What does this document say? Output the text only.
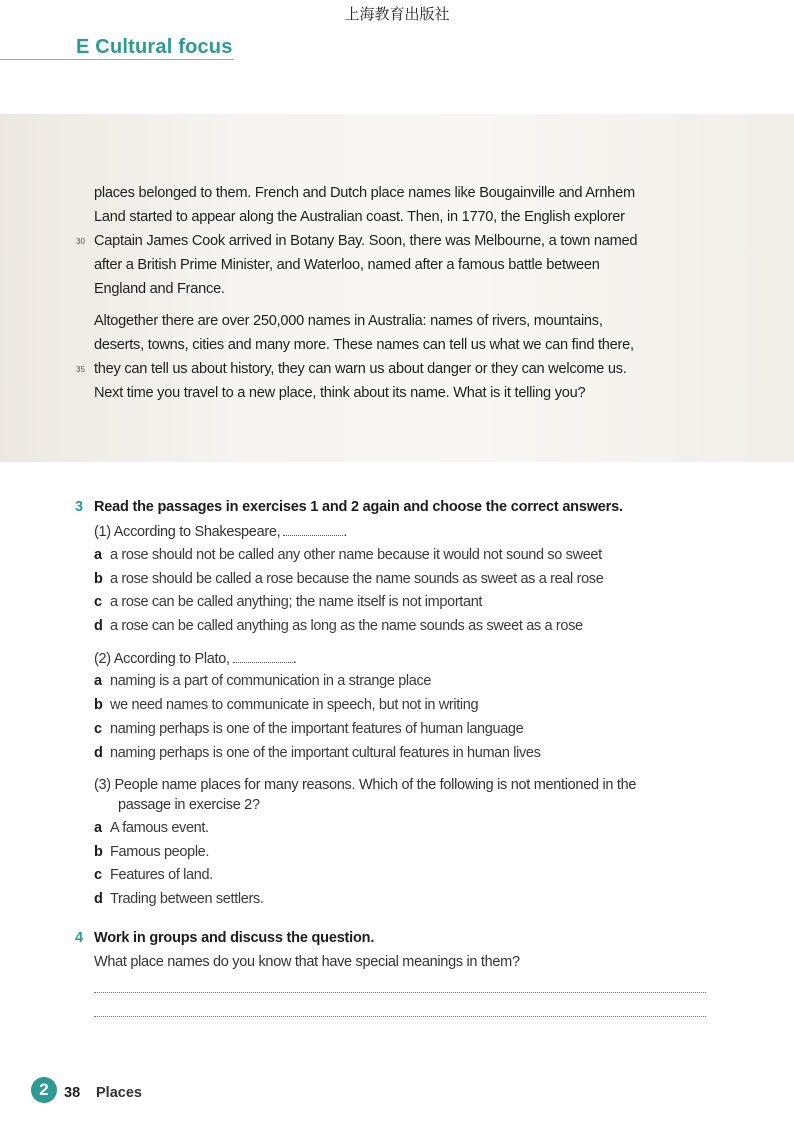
上海教育出版社
E Cultural focus
places belonged to them. French and Dutch place names like Bougainville and Arnhem
Land started to appear along the Australian coast. Then, in 1770, the English explorer
Captain James Cook arrived in Botany Bay. Soon, there was Melbourne, a town named
after a British Prime Minister, and Waterloo, named after a famous battle between
England and France.
30
Altogether there are over 250,000 names in Australia: names of rivers, mountains,
deserts, towns, cities and many more. These names can tell us what we can find there,
they can tell us about history, they can warn us about danger or they can welcome us.
Next time you travel to a new place, think about its name. What is it telling you?
35
3 Read the passages in exercises 1 and 2 again and choose the correct answers.
(1) According to Shakespeare,	.
a a rose should not be called any other name because it would not sound so sweet
b a rose should be called a rose because the name sounds as sweet as a real rose
c a rose can be called anything; the name itself is not important
d a rose can be called anything as long as the name sounds as sweet as a rose
(2) According to Plato,	.
a naming is a part of communication in a strange place
b we need names to communicate in speech, but not in writing
c naming perhaps is one of the important features of human language
d naming perhaps is one of the important cultural features in human lives
(3) People name places for many reasons. Which of the following is not mentioned in the
passage in exercise 2?
a A famous event.
b Famous people.
c Features of land.
d Trading between settlers.
4 Work in groups and discuss the question.
What place names do you know that have special meanings in them?
2	38 Places
